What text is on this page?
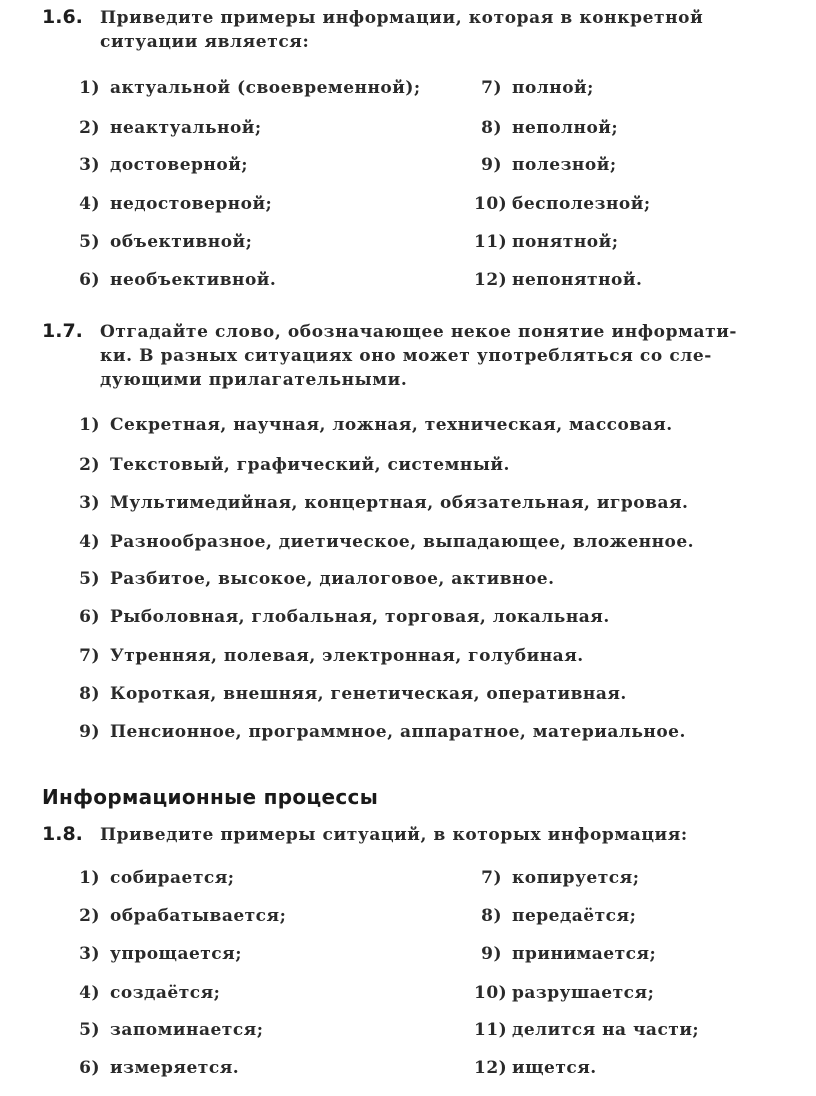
1.6. Приведите примеры информации, которая в конкретной
ситуации является:
1) актуальной (своевременной);
2) неактуальной;
3) достоверной;
4) недостоверной;
5) объективной;
6) необъективной.
7) полной;
8) неполной;
9) полезной;
10) бесполезной;
11) понятной;
12) непонятной.
1.7. Отгадайте слово, обозначающее некое понятие информати-
ки. В разных ситуациях оно может употребляться со сле-
дующими прилагательными.
1) Секретная, научная, ложная, техническая, массовая.
2) Текстовый, графический, системный.
3) Мультимедийная, концертная, обязательная, игровая.
4) Разнообразное, диетическое, выпадающее, вложенное.
5) Разбитое, высокое, диалоговое, активное.
6) Рыболовная, глобальная, торговая, локальная.
7) Утренняя, полевая, электронная, голубиная.
8) Короткая, внешняя, генетическая, оперативная.
9) Пенсионное, программное, аппаратное, материальное.
Информационные процессы
1.8. Приведите примеры ситуаций, в которых информация:
1) собирается;
2) обрабатывается;
3) упрощается;
4) создаётся;
5) запоминается;
6) измеряется.
7) копируется;
8) передаётся;
9) принимается;
10) разрушается;
11) делится на части;
12) ищется.
